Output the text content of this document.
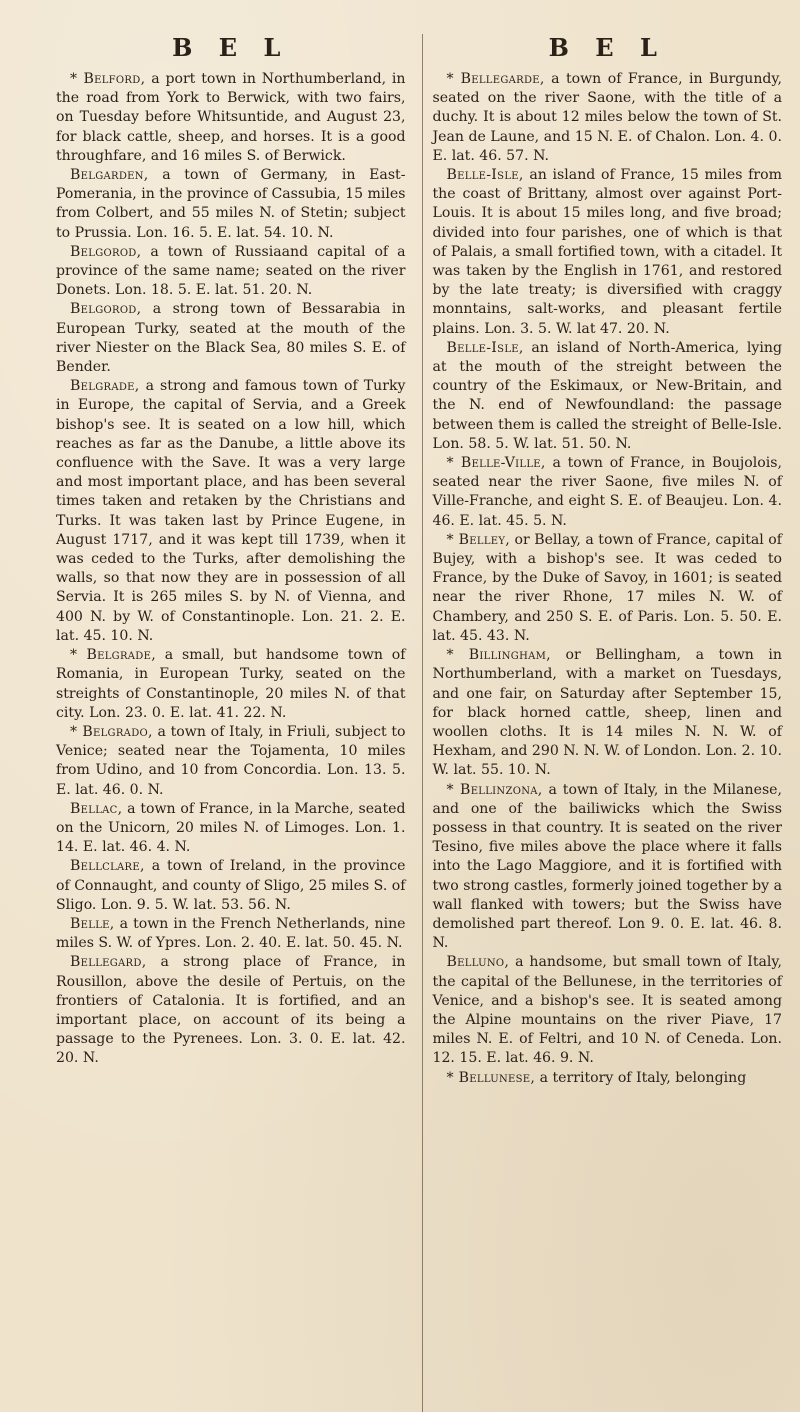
B E L

* Belford, a port town in Northumberland, in the road from York to Berwick, with two fairs, on Tuesday before Whitsuntide, and August 23, for black cattle, sheep, and horses. It is a good throughfare, and 16 miles S. of Berwick.

Belgarden, a town of Germany, in East-Pomerania, in the province of Cassubia, 15 miles from Colbert, and 55 miles N. of Stetin; subject to Prussia. Lon. 16. 5. E. lat. 54. 10. N.

Belgorod, a town of Russiaand capital of a province of the same name; seated on the river Donets. Lon. 18. 5. E. lat. 51. 20. N.

Belgorod, a strong town of Bessarabia in European Turky, seated at the mouth of the river Niester on the Black Sea, 80 miles S. E. of Bender.

Belgrade, a strong and famous town of Turky in Europe, the capital of Servia, and a Greek bishop's see. It is seated on a low hill, which reaches as far as the Danube, a little above its confluence with the Save. It was a very large and most important place, and has been several times taken and retaken by the Christians and Turks. It was taken last by Prince Eugene, in August 1717, and it was kept till 1739, when it was ceded to the Turks, after demolishing the walls, so that now they are in possession of all Servia. It is 265 miles S. by N. of Vienna, and 400 N. by W. of Constantinople. Lon. 21. 2. E. lat. 45. 10. N.

* Belgrade, a small, but handsome town of Romania, in European Turky, seated on the streights of Constantinople, 20 miles N. of that city. Lon. 23. 0. E. lat. 41. 22. N.

* Belgrado, a town of Italy, in Friuli, subject to Venice; seated near the Tojamenta, 10 miles from Udino, and 10 from Concordia. Lon. 13. 5. E. lat. 46. 0. N.

Bellac, a town of France, in la Marche, seated on the Unicorn, 20 miles N. of Limoges. Lon. 1. 14. E. lat. 46. 4. N.

Bellclare, a town of Ireland, in the province of Connaught, and county of Sligo, 25 miles S. of Sligo. Lon. 9. 5. W. lat. 53. 56. N.

Belle, a town in the French Netherlands, nine miles S. W. of Ypres. Lon. 2. 40. E. lat. 50. 45. N.

Bellegard, a strong place of France, in Rousillon, above the desile of Pertuis, on the frontiers of Catalonia. It is fortified, and an important place, on account of its being a passage to the Pyrenees. Lon. 3. 0. E. lat. 42. 20. N.

B E L

* Bellegarde, a town of France, in Burgundy, seated on the river Saone, with the title of a duchy. It is about 12 miles below the town of St. Jean de Laune, and 15 N. E. of Chalon. Lon. 4. 0. E. lat. 46. 57. N.

Belle-Isle, an island of France, 15 miles from the coast of Brittany, almost over against Port-Louis. It is about 15 miles long, and five broad; divided into four parishes, one of which is that of Palais, a small fortified town, with a citadel. It was taken by the English in 1761, and restored by the late treaty; is diversified with craggy monntains, salt-works, and pleasant fertile plains. Lon. 3. 5. W. lat 47. 20. N.

Belle-Isle, an island of North-America, lying at the mouth of the streight between the country of the Eskimaux, or New-Britain, and the N. end of Newfoundland: the passage between them is called the streight of Belle-Isle. Lon. 58. 5. W. lat. 51. 50. N.

* Belle-Ville, a town of France, in Boujolois, seated near the river Saone, five miles N. of Ville-Franche, and eight S. E. of Beaujeu. Lon. 4. 46. E. lat. 45. 5. N.

* Belley, or Bellay, a town of France, capital of Bujey, with a bishop's see. It was ceded to France, by the Duke of Savoy, in 1601; is seated near the river Rhone, 17 miles N. W. of Chambery, and 250 S. E. of Paris. Lon. 5. 50. E. lat. 45. 43. N.

* Billingham, or Bellingham, a town in Northumberland, with a market on Tuesdays, and one fair, on Saturday after September 15, for black horned cattle, sheep, linen and woollen cloths. It is 14 miles N. N. W. of Hexham, and 290 N. N. W. of London. Lon. 2. 10. W. lat. 55. 10. N.

* Bellinzona, a town of Italy, in the Milanese, and one of the bailiwicks which the Swiss possess in that country. It is seated on the river Tesino, five miles above the place where it falls into the Lago Maggiore, and it is fortified with two strong castles, formerly joined together by a wall flanked with towers; but the Swiss have demolished part thereof. Lon 9. 0. E. lat. 46. 8. N.

Belluno, a handsome, but small town of Italy, the capital of the Bellunese, in the territories of Venice, and a bishop's see. It is seated among the Alpine mountains on the river Piave, 17 miles N. E. of Feltri, and 10 N. of Ceneda. Lon. 12. 15. E. lat. 46. 9. N.

* Bellunese, a territory of Italy, belonging
